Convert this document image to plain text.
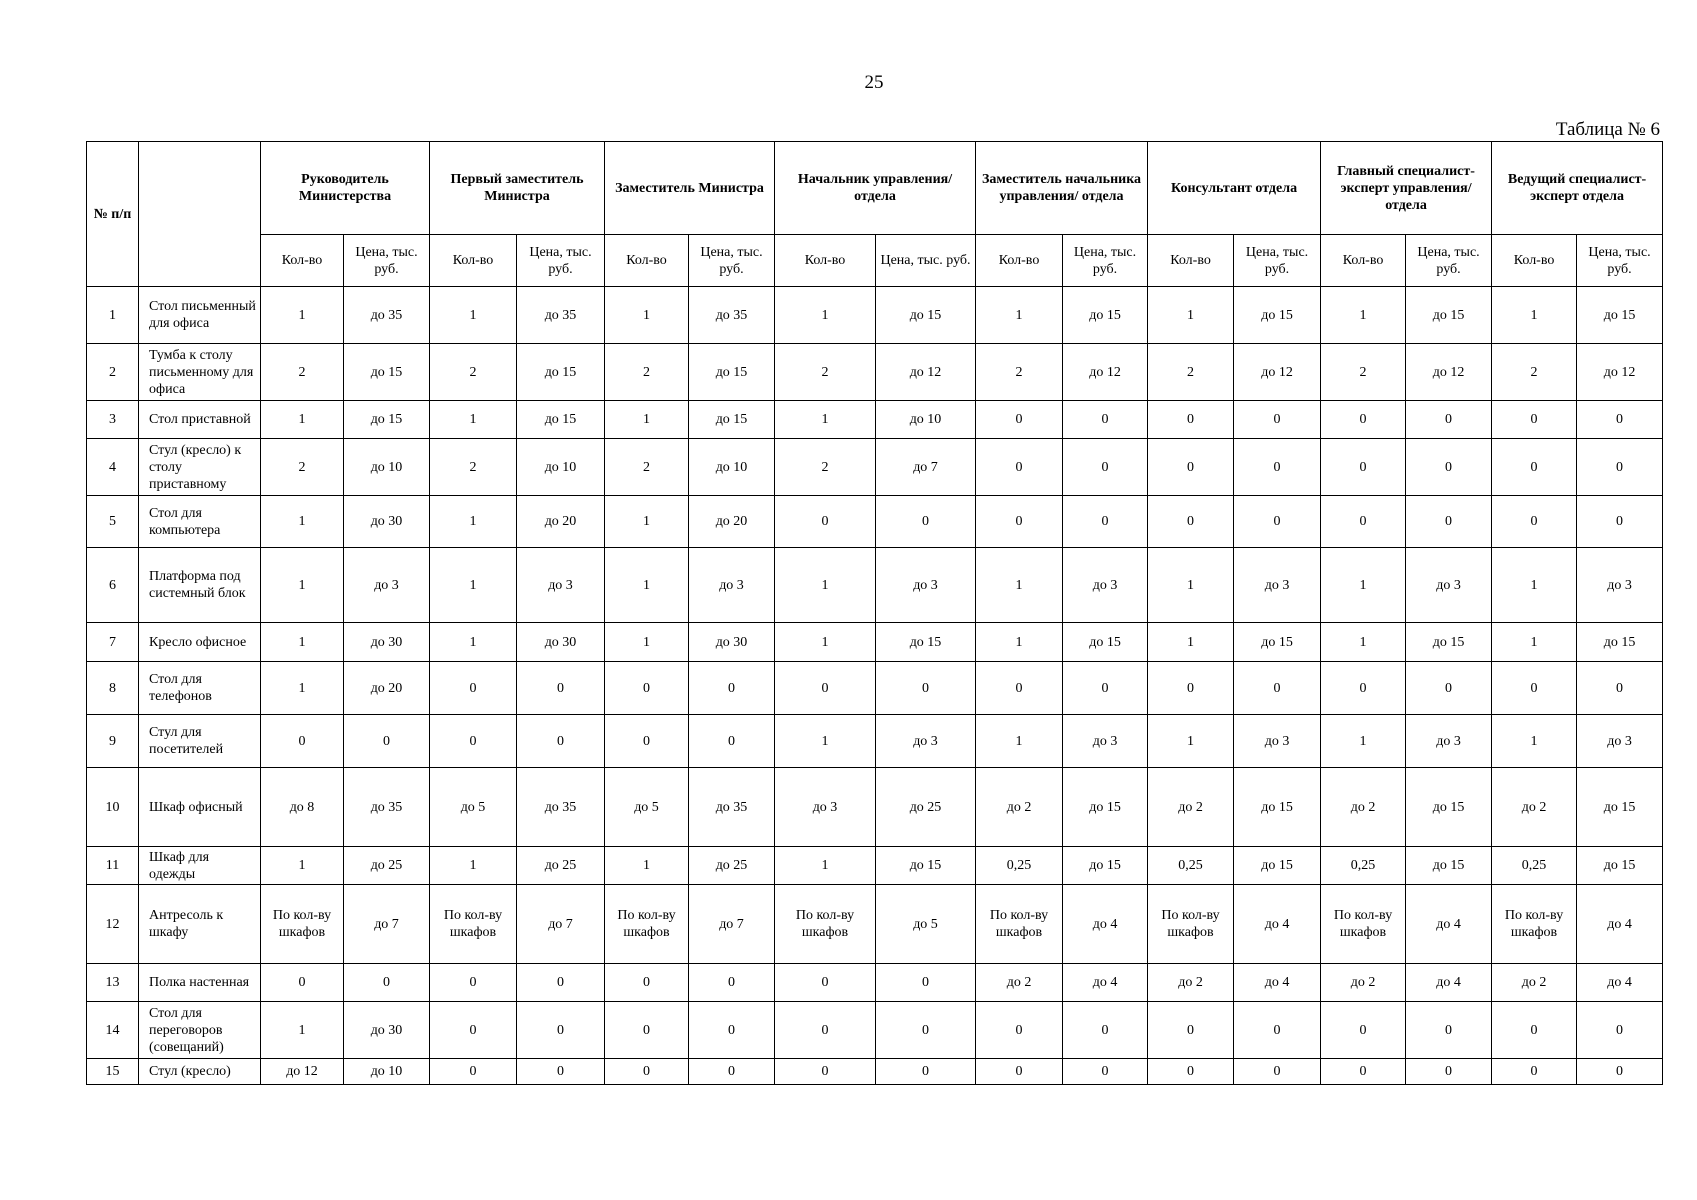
25
Таблица № 6
№ п/п		Руководитель Министерства		Первый заместитель Министра		Заместитель Министра		Начальник управления/ отдела		Заместитель начальника управления/ отдела		Консультант отдела		Главный специалист-эксперт управления/ отдела		Ведущий специалист-эксперт отдела	
		Кол-во	Цена, тыс. руб.	Кол-во	Цена, тыс. руб.	Кол-во	Цена, тыс. руб.	Кол-во	Цена, тыс. руб.	Кол-во	Цена, тыс. руб.	Кол-во	Цена, тыс. руб.	Кол-во	Цена, тыс. руб.	Кол-во	Цена, тыс. руб.
1	Стол письменный для офиса	1	до 35	1	до 35	1	до 35	1	до 15	1	до 15	1	до 15	1	до 15	1	до 15
2	Тумба к столу письменному для офиса	2	до 15	2	до 15	2	до 15	2	до 12	2	до 12	2	до 12	2	до 12	2	до 12
3	Стол приставной	1	до 15	1	до 15	1	до 15	1	до 10	0	0	0	0	0	0	0	0
4	Стул (кресло) к столу приставному	2	до 10	2	до 10	2	до 10	2	до 7	0	0	0	0	0	0	0	0
5	Стол для компьютера	1	до 30	1	до 20	1	до 20	0	0	0	0	0	0	0	0	0	0
6	Платформа под системный блок	1	до 3	1	до 3	1	до 3	1	до 3	1	до 3	1	до 3	1	до 3	1	до 3
7	Кресло офисное	1	до 30	1	до 30	1	до 30	1	до 15	1	до 15	1	до 15	1	до 15	1	до 15
8	Стол для телефонов	1	до 20	0	0	0	0	0	0	0	0	0	0	0	0	0	0
9	Стул для посетителей	0	0	0	0	0	0	1	до 3	1	до 3	1	до 3	1	до 3	1	до 3
10	Шкаф офисный	до 8	до 35	до 5	до 35	до 5	до 35	до 3	до 25	до 2	до 15	до 2	до 15	до 2	до 15	до 2	до 15
11	Шкаф для одежды	1	до 25	1	до 25	1	до 25	1	до 15	0,25	до 15	0,25	до 15	0,25	до 15	0,25	до 15
12	Антресоль к шкафу	По кол-ву шкафов	до 7	По кол-ву шкафов	до 7	По кол-ву шкафов	до 7	По кол-ву шкафов	до 5	По кол-ву шкафов	до 4	По кол-ву шкафов	до 4	По кол-ву шкафов	до 4	По кол-ву шкафов	до 4
13	Полка настенная	0	0	0	0	0	0	0	0	до 2	до 4	до 2	до 4	до 2	до 4	до 2	до 4
14	Стол для переговоров (совещаний)	1	до 30	0	0	0	0	0	0	0	0	0	0	0	0	0	0
15	Стул (кресло)	до 12	до 10	0	0	0	0	0	0	0	0	0	0	0	0	0	0
